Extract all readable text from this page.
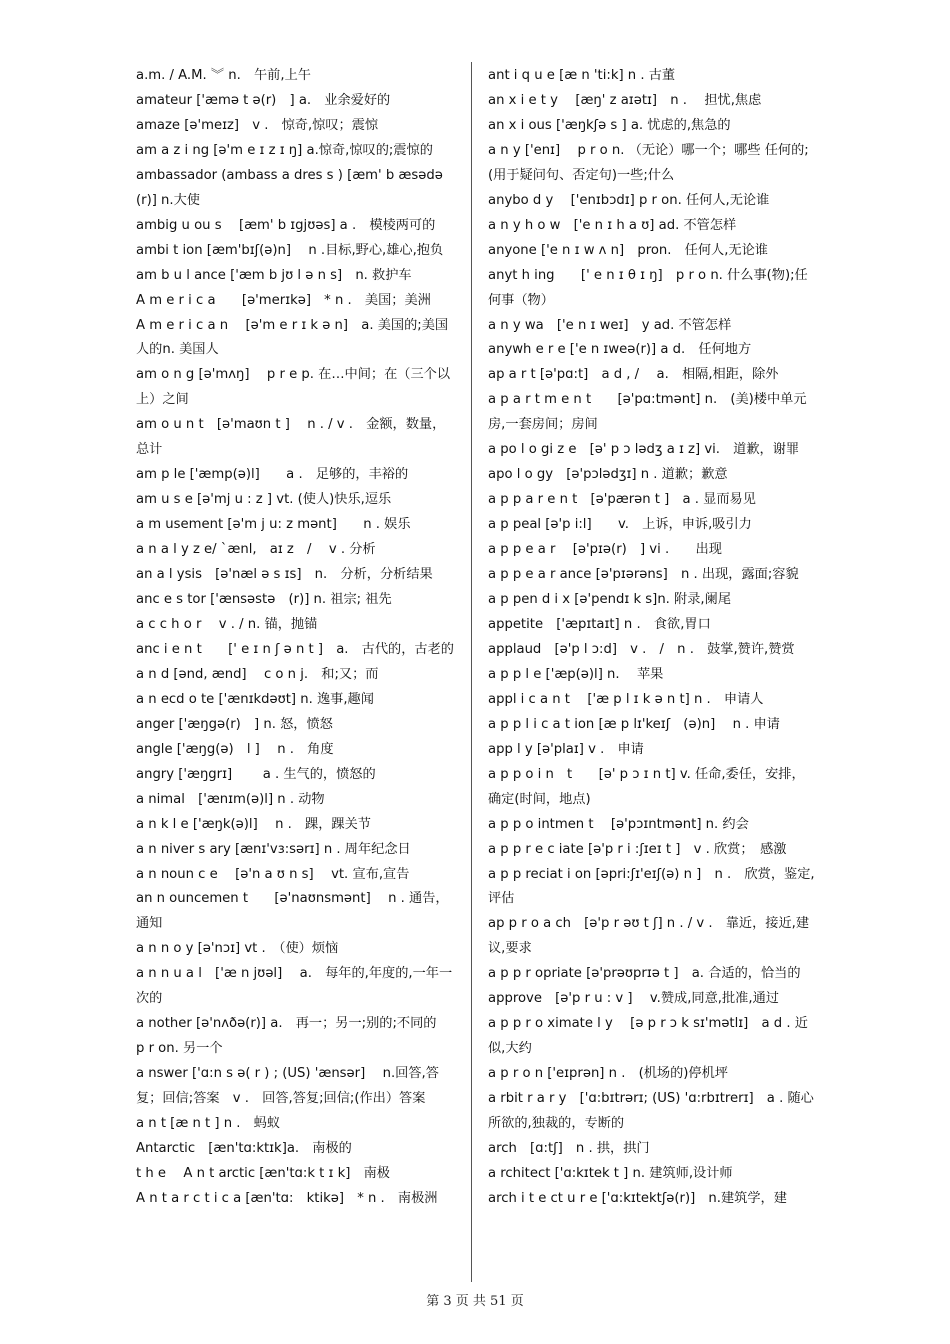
a.m. / A.M. ︾ n.　午前,上午

amateur ['æmə t ə(r)　] a.　业余爱好的

amaze [ə'meɪz]　v .　惊奇,惊叹；震惊

am a z i ng [ə'm e ɪ z ɪ ŋ] a.惊奇,惊叹的;震惊的

ambassador (ambass a dres s ) [æm' b æsədə　(r)] n.大使

ambig u ou s　 [æm' b ɪgjʊəs] a .　模棱两可的

ambi t ion [æm'bɪʃ(ə)n]　 n .目标,野心,雄心,抱负

am b u l ance ['æm b jʊ l ə n s]　n. 救护车

A m e r i c a　　[ə'merɪkə]　* n .　美国；美洲

A m e r i c a n　 [ə'm e r ɪ k ə n]　a. 美国的;美国人的n. 美国人

am o n g [ə'mʌŋ]　 p r e p. 在…中间；在（三个以上）之间

am o u n t　[ə'maʊn t ]　 n . / v .　金额，数量，总计

am p le ['æmp(ə)l]　　a .　足够的，丰裕的

am u s e [ə'mj u : z ] vt. (使人)快乐,逗乐

a m usement [ə'm j u: z mənt]　　n . 娱乐

a n a l y z e/ `ænl,　aɪ z　/　 v . 分析

an a l ysis　[ə'næl ə s ɪs]　n.　分析，分析结果

anc e s tor ['ænsəstə　(r)] n. 祖宗; 祖先

a c c h o r　 v . / n. 锚，抛锚

anc i e n t　　[' e ɪ n ʃ ə n t ]　a.　古代的，古老的

a n d [ənd, ænd]　 c o n j.　和;又；而

a n ecd o te ['ænɪkdəʊt] n. 逸事,趣闻

anger ['æŋgə(r)　] n. 怒，愤怒

angle ['æŋg(ə)　l ]　 n .　角度

angry ['æŋgrɪ]　　 a . 生气的，愤怒的

a nimal　['ænɪm(ə)l] n . 动物

a n k l e ['æŋk(ə)l]　 n .　踝，踝关节

a n niver s ary [ænɪ'vɜ:sərɪ] n . 周年纪念日

a n noun c e　 [ə'n a ʊ n s]　 vt. 宣布,宣告

an n ouncemen t　　[ə'naʊnsmənt]　 n . 通告，通知

a n n o y [ə'nɔɪ] vt .　（使）烦恼

a n n u a l　['æ n jʊəl]　 a.　每年的,年度的,一年一次的

a nother [ə'nʌðə(r)] a.　再一；另一;别的;不同的　 p r on. 另一个

a nswer ['ɑ:n s ə( r ) ; (US) 'ænsər]　 n.回答,答复；回信;答案　v .　回答,答复;回信;(作出）答案

a n t [æ n t ] n .　蚂蚁

Antarctic　[æn'tɑ:ktɪk]a.　南极的

t h e　 A n t arctic [æn'tɑ:k t ɪ k]　南极

A n t a r c t i c a [æn'tɑ:　ktikə]　* n .　南极洲

ant i q u e [æ n 'ti:k] n . 古董

an x i e t y　 [æŋ' z aɪətɪ]　n .　 担忧,焦虑

an x i ous ['æŋkʃə s ] a. 忧虑的,焦急的

a n y ['enɪ]　 p r o n. （无论）哪一个；哪些 任何的;(用于疑问句、否定句)一些;什么

anybo d y　 ['enɪbɔdɪ] p r on. 任何人,无论谁

a n y h o w　['e n ɪ h a ʊ] ad. 不管怎样

anyone ['e n ɪ w ʌ n]　pron.　任何人,无论谁

anyt h ing　　[' e n ɪ θ ɪ ŋ]　p r o n. 什么事(物);任何事（物）

a n y wa　['e n ɪ weɪ]　y ad. 不管怎样

anywh e r e ['e n ɪweə(r)] a d.　任何地方

ap a r t [ə'pɑ:t]　a d , /　 a.　相隔,相距，除外

a p a r t m e n t　　[ə'pɑ:tmənt] n.　(美)楼中单元房,一套房间；房间

a po l o gi z e　[ə' p ɔ lədʒ a ɪ z] vi.　道歉，谢罪

apo l o gy　[ə'pɔlədʒɪ] n . 道歉；歉意

a p p a r e n t　[ə'pærən t ]　a . 显而易见

a p peal [ə'p i:l]　　v.　上诉，申诉,吸引力

a p p e a r　 [ə'pɪə(r)　] vi .　　出现

a p p e a r ance [ə'pɪərəns]　n . 出现，露面;容貌

a p pen d i x [ə'pendɪ k s]n. 附录,阑尾

appetite　['æpɪtaɪt] n .　食欲,胃口

applaud　[ə'p l ɔ:d]　v .　/　n .　鼓掌,赞许,赞赏

a p p l e ['æp(ə)l] n.　 苹果

appl i c a n t　 ['æ p l ɪ k ə n t] n .　申请人

a p p l i c a t ion [æ p lɪ'keɪʃ　(ə)n]　 n . 申请

app l y [ə'plaɪ] v .　申请

a p p o i n　t　　[ə' p ɔ ɪ n t] v. 任命,委任，安排，确定(时间，地点)

a p p o intmen t　 [ə'pɔɪntmənt] n. 约会

a p p r e c iate [ə'p r i :ʃɪeɪ t ]　v . 欣赏；　感激

a p p reciat i on [əpri:ʃɪ'eɪʃ(ə) n ]　n .　欣赏，鉴定,评估

ap p r o a ch　[ə'p r əʊ t ʃ] n . / v .　靠近，接近,建议,要求

a p p r opriate [ə'prəʊprɪə t ]　a. 合适的，恰当的

approve　[ə'p r u : v ]　 v.赞成,同意,批准,通过

a p p r o ximate l y　 [ə p r ɔ k sɪ'mətlɪ]　a d . 近似,大约

a p r o n ['eɪprən] n .　(机场的)停机坪

a rbit r a r y　['ɑ:bɪtrərɪ; (US) 'ɑ:rbɪtrerɪ]　a . 随心所欲的,独裁的，专断的

arch　[ɑ:tʃ]　n . 拱，拱门

a rchitect ['ɑ:kɪtek t ] n. 建筑师,设计师

arch i t e ct u r e ['ɑ:kɪtektʃə(r)]　n.建筑学，建

第 3 页 共 51 页
